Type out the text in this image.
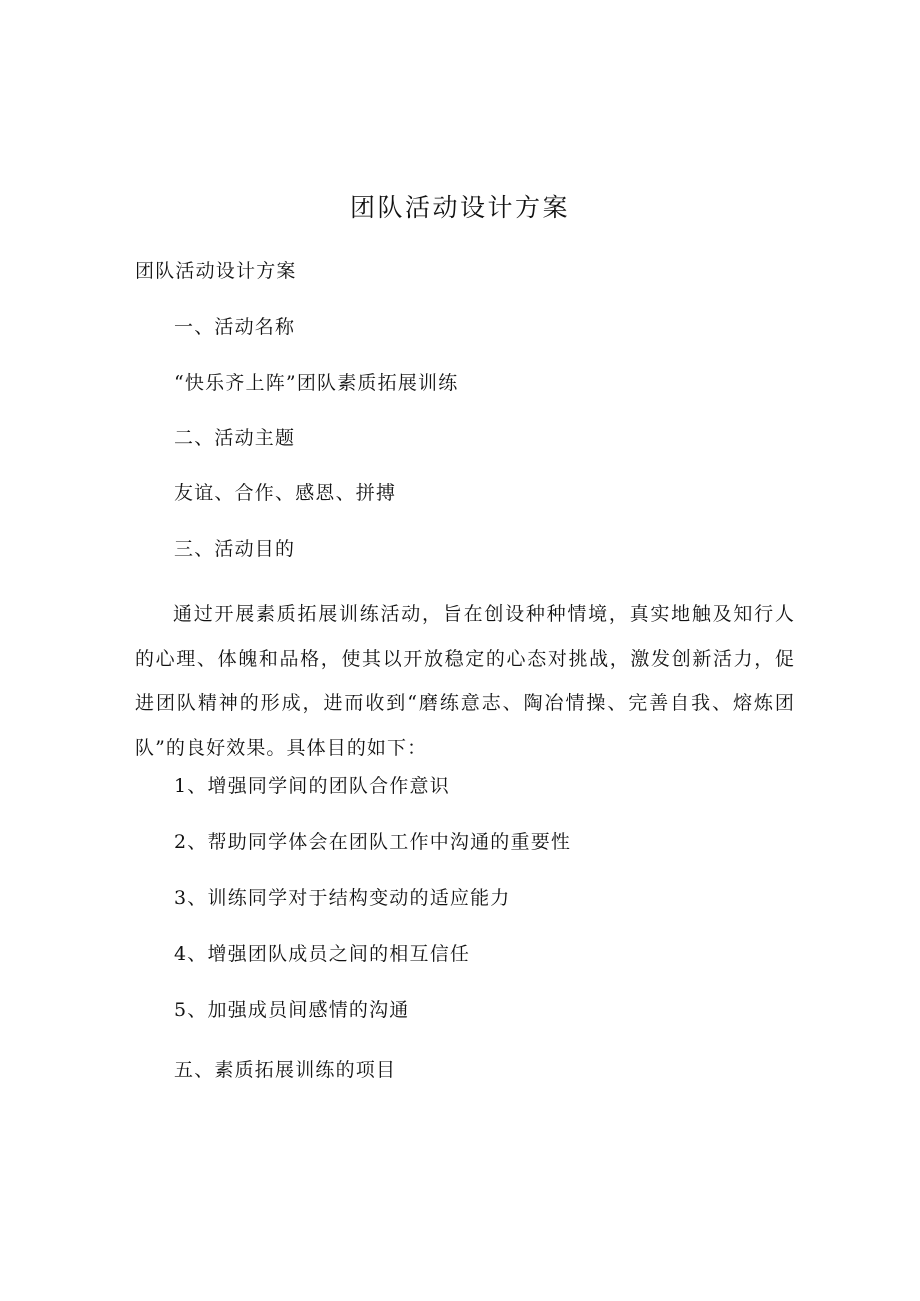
团队活动设计方案

团队活动设计方案

一、活动名称

“快乐齐上阵”团队素质拓展训练

二、活动主题

友谊、合作、感恩、拼搏

三、活动目的

通过开展素质拓展训练活动，旨在创设种种情境，真实地触及知行人的心理、体魄和品格，使其以开放稳定的心态对挑战，激发创新活力，促进团队精神的形成，进而收到“磨练意志、陶冶情操、完善自我、熔炼团队”的良好效果。具体目的如下：

1、增强同学间的团队合作意识

2、帮助同学体会在团队工作中沟通的重要性

3、训练同学对于结构变动的适应能力

4、增强团队成员之间的相互信任

5、加强成员间感情的沟通

五、素质拓展训练的项目
